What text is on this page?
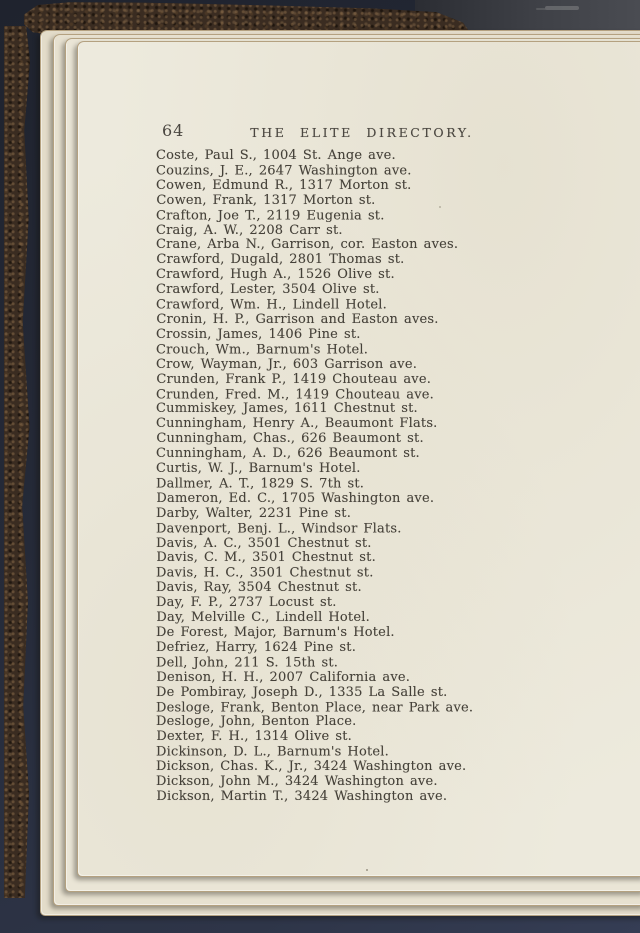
64	THE ELITE DIRECTORY.
Coste, Paul S., 1004 St. Ange ave.
Couzins, J. E., 2647 Washington ave.
Cowen, Edmund R., 1317 Morton st.
Cowen, Frank, 1317 Morton st.
Crafton, Joe T., 2119 Eugenia st.
Craig, A. W., 2208 Carr st.
Crane, Arba N., Garrison, cor. Easton aves.
Crawford, Dugald, 2801 Thomas st.
Crawford, Hugh A., 1526 Olive st.
Crawford, Lester, 3504 Olive st.
Crawford, Wm. H., Lindell Hotel.
Cronin, H. P., Garrison and Easton aves.
Crossin, James, 1406 Pine st.
Crouch, Wm., Barnum's Hotel.
Crow, Wayman, Jr., 603 Garrison ave.
Crunden, Frank P., 1419 Chouteau ave.
Crunden, Fred. M., 1419 Chouteau ave.
Cummiskey, James, 1611 Chestnut st.
Cunningham, Henry A., Beaumont Flats.
Cunningham, Chas., 626 Beaumont st.
Cunningham, A. D., 626 Beaumont st.
Curtis, W. J., Barnum's Hotel.
Dallmer, A. T., 1829 S. 7th st.
Dameron, Ed. C., 1705 Washington ave.
Darby, Walter, 2231 Pine st.
Davenport, Benj. L., Windsor Flats.
Davis, A. C., 3501 Chestnut st.
Davis, C. M., 3501 Chestnut st.
Davis, H. C., 3501 Chestnut st.
Davis, Ray, 3504 Chestnut st.
Day, F. P., 2737 Locust st.
Day, Melville C., Lindell Hotel.
De Forest, Major, Barnum's Hotel.
Defriez, Harry, 1624 Pine st.
Dell, John, 211 S. 15th st.
Denison, H. H., 2007 California ave.
De Pombiray, Joseph D., 1335 La Salle st.
Desloge, Frank, Benton Place, near Park ave.
Desloge, John, Benton Place.
Dexter, F. H., 1314 Olive st.
Dickinson, D. L., Barnum's Hotel.
Dickson, Chas. K., Jr., 3424 Washington ave.
Dickson, John M., 3424 Washington ave.
Dickson, Martin T., 3424 Washington ave.
